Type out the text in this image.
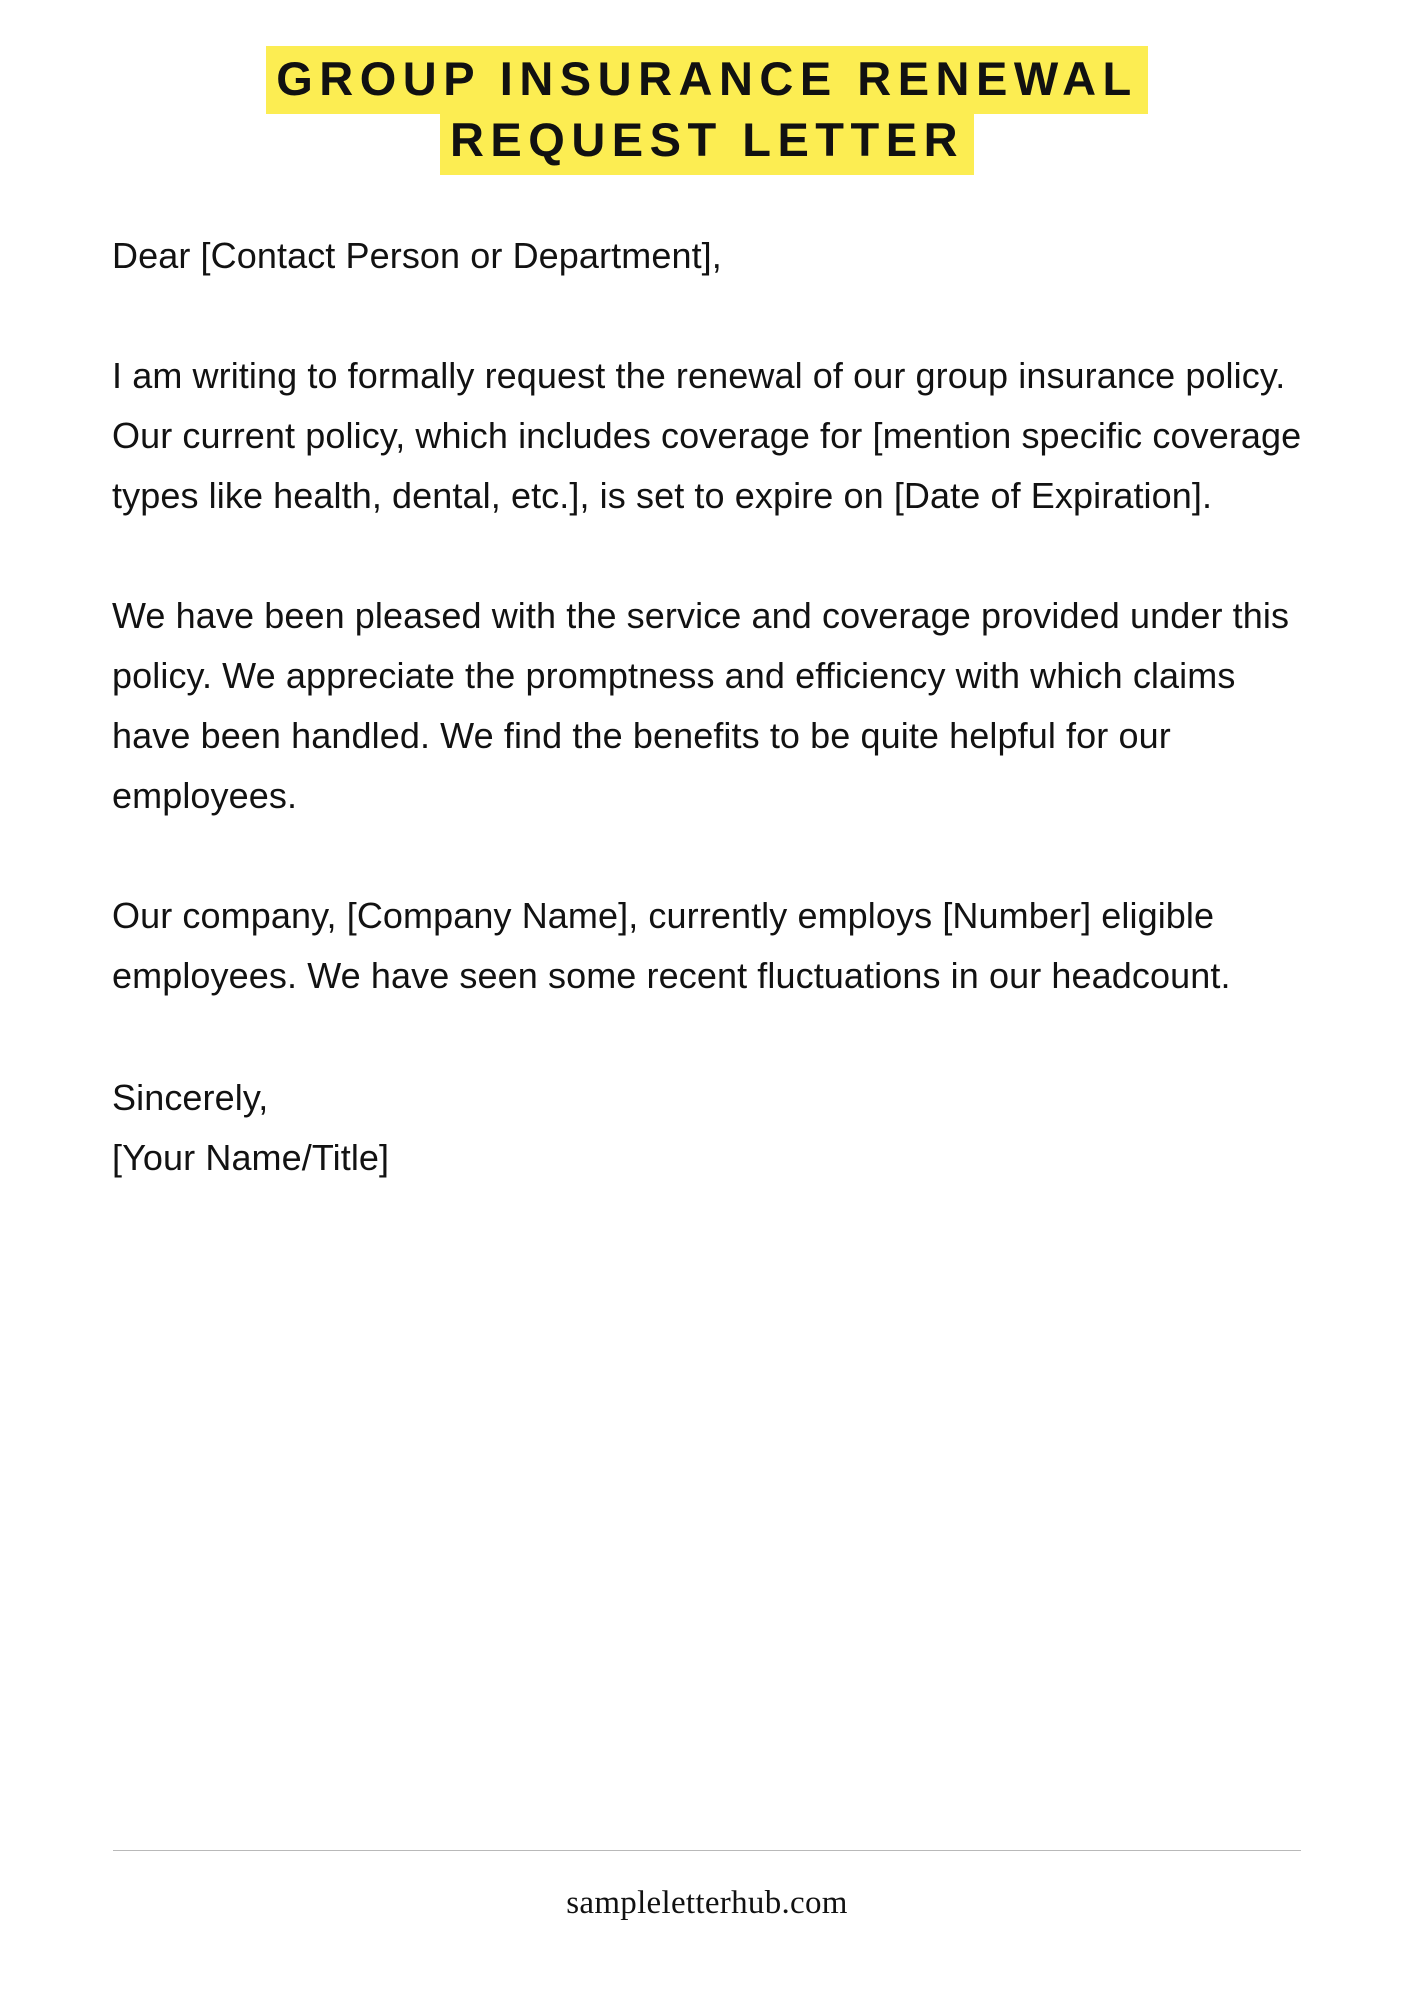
GROUP INSURANCE RENEWAL
REQUEST LETTER

Dear [Contact Person or Department],

I am writing to formally request the renewal of our group insurance policy. Our current policy, which includes coverage for [mention specific coverage types like health, dental, etc.], is set to expire on [Date of Expiration].

We have been pleased with the service and coverage provided under this policy. We appreciate the promptness and efficiency with which claims have been handled. We find the benefits to be quite helpful for our employees.

Our company, [Company Name], currently employs [Number] eligible employees. We have seen some recent fluctuations in our headcount.

Sincerely,
[Your Name/Title]
sampleletterhub.com
